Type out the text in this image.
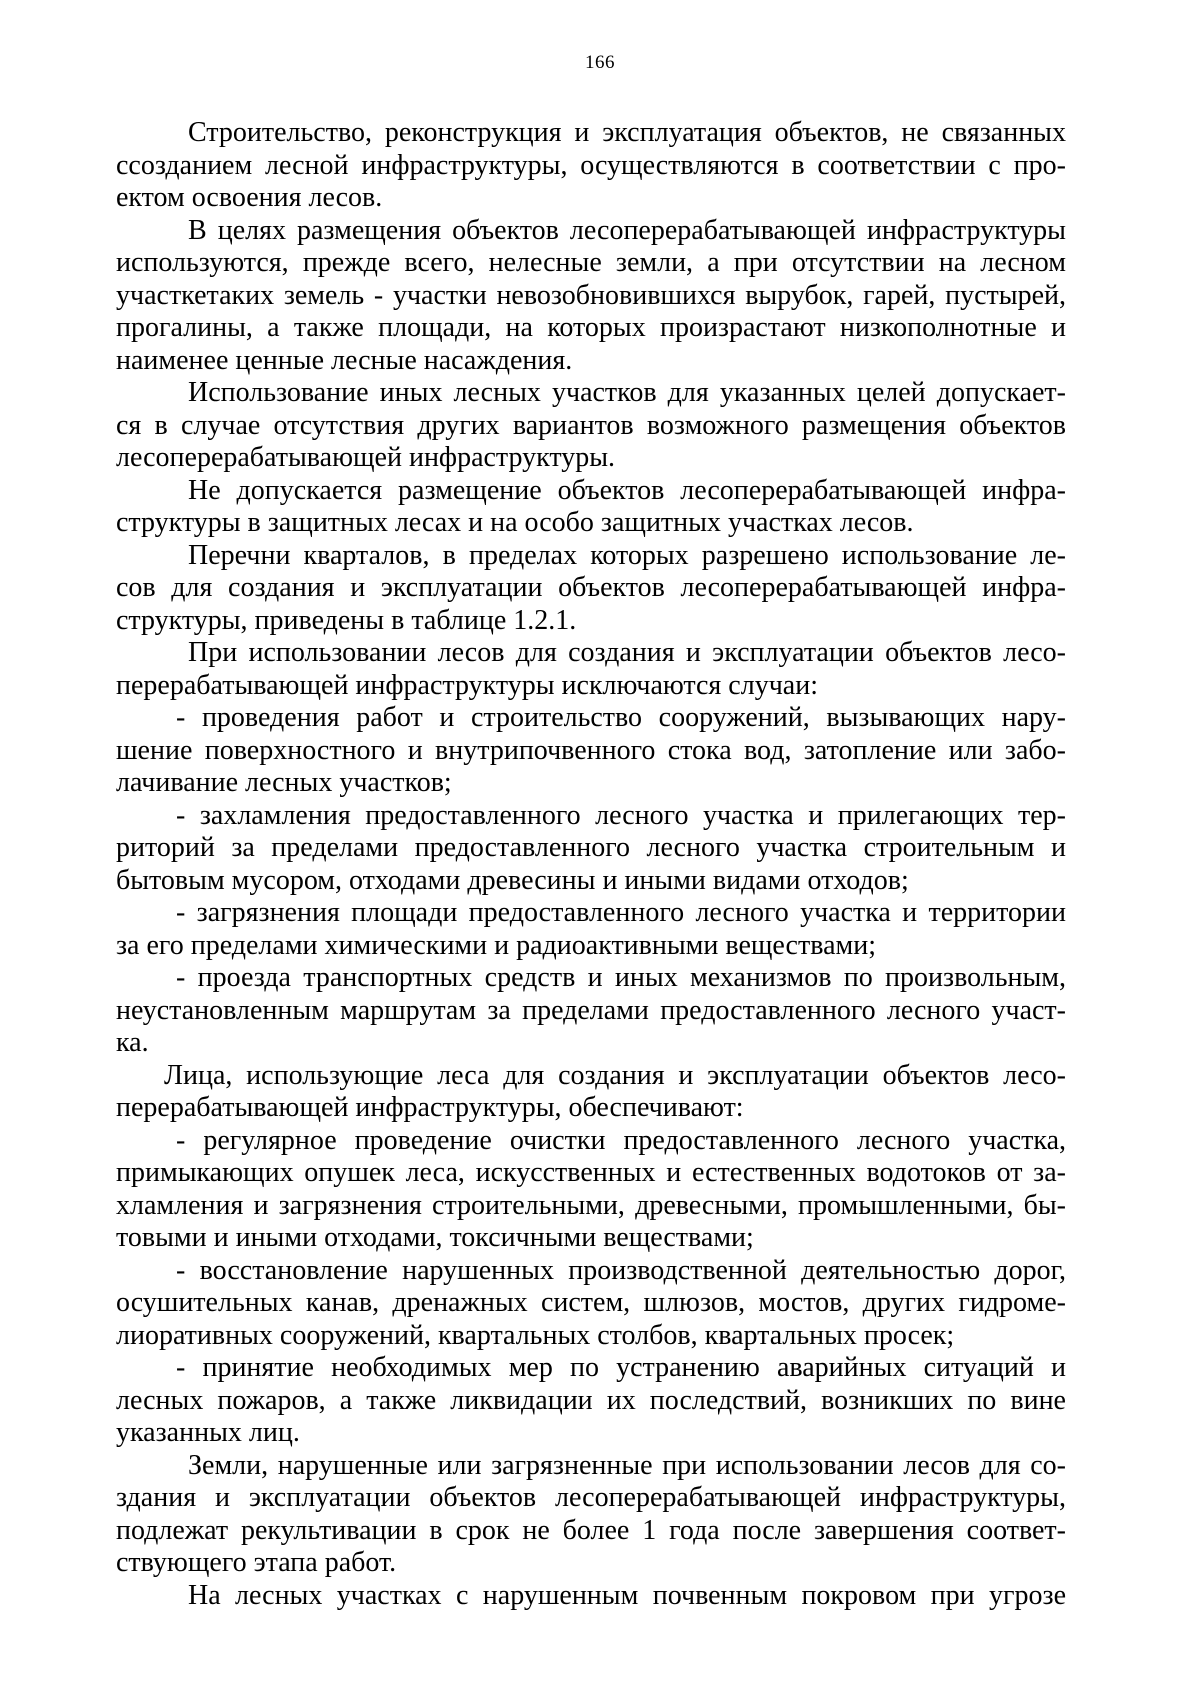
166
Строительство, реконструкция и эксплуатация объектов, не связанных
ссозданием лесной инфраструктуры, осуществляются в соответствии с про-
ектом освоения лесов.
В целях размещения объектов лесоперерабатывающей инфраструктуры
используются, прежде всего, нелесные земли, а при отсутствии на лесном
участкетаких земель - участки невозобновившихся вырубок, гарей, пустырей,
прогалины, а также площади, на которых произрастают низкополнотные и
наименее ценные лесные насаждения.
Использование иных лесных участков для указанных целей допускает-
ся в случае отсутствия других вариантов возможного размещения объектов
лесоперерабатывающей инфраструктуры.
Не допускается размещение объектов лесоперерабатывающей инфра-
структуры в защитных лесах и на особо защитных участках лесов.
Перечни кварталов, в пределах которых разрешено использование ле-
сов для создания и эксплуатации объектов лесоперерабатывающей инфра-
структуры, приведены в таблице 1.2.1.
При использовании лесов для создания и эксплуатации объектов лесо-
перерабатывающей инфраструктуры исключаются случаи:
- проведения работ и строительство сооружений, вызывающих нару-
шение поверхностного и внутрипочвенного стока вод, затопление или забо-
лачивание лесных участков;
- захламления предоставленного лесного участка и прилегающих тер-
риторий за пределами предоставленного лесного участка строительным и
бытовым мусором, отходами древесины и иными видами отходов;
- загрязнения площади предоставленного лесного участка и территории
за его пределами химическими и радиоактивными веществами;
- проезда транспортных средств и иных механизмов по произвольным,
неустановленным маршрутам за пределами предоставленного лесного участ-
ка.
Лица, использующие леса для создания и эксплуатации объектов лесо-
перерабатывающей инфраструктуры, обеспечивают:
- регулярное проведение очистки предоставленного лесного участка,
примыкающих опушек леса, искусственных и естественных водотоков от за-
хламления и загрязнения строительными, древесными, промышленными, бы-
товыми и иными отходами, токсичными веществами;
- восстановление нарушенных производственной деятельностью дорог,
осушительных канав, дренажных систем, шлюзов, мостов, других гидроме-
лиоративных сооружений, квартальных столбов, квартальных просек;
- принятие необходимых мер по устранению аварийных ситуаций и
лесных пожаров, а также ликвидации их последствий, возникших по вине
указанных лиц.
Земли, нарушенные или загрязненные при использовании лесов для со-
здания и эксплуатации объектов лесоперерабатывающей инфраструктуры,
подлежат рекультивации в срок не более 1 года после завершения соответ-
ствующего этапа работ.
На лесных участках с нарушенным почвенным покровом при угрозе
